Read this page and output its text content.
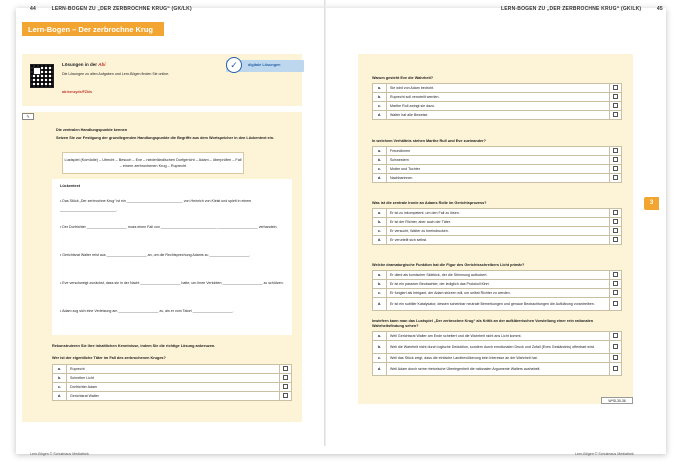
44	LERN-BOGEN ZU „DER ZERBROCHNE KRUG“ (GK/LK)	LERN-BOGEN ZU „DER ZERBROCHNE KRUG“ (GK/LK)	45
Lern-Bogen – Der zerbrochne Krug
Lösungen in der Abi
Die Lösungen zu allen Aufgaben und Lern-Bögen finden Sie online.
ab:kenzyde/FZkls
✓	digitale Lösungen
✎
Die zentralen Handlungspunkte kennen
Setzen Sie zur Festigung der grundlegenden Handlungspunkte die Begriffe aus dem Wortspeicher in den Lückentext ein.
Lustspiel (Komödie) – Utrecht – Besuch – Eve – niederländischen Dorfgericht – Adam – überprüfen – Fall – einem zerbrochenen Krug – Ruprecht
Lückentext
• Das Stück „Der zerbrochne Krug“ ist ein ____________________________ von Heinrich von Kleist und spielt in einem ____________________________.
• Der Dorfrichter ____________________ muss einen Fall von ____________________________ ____________________ verhandeln.
• Gerichtsrat Walter reist aus ____________________ an, um die Rechtsprechung Adams zu ____________________.
• Eve verschweigt zunächst, dass sie in der Nacht ____________________ hatte, um ihren Verlobten ____________________ zu schützen.
• Adam zog sich eine Verletzung am ____________________ zu, als er vom Tatort ____________________.
Rekonstruieren Sie Ihre inhaltlichen Kenntnisse, indem Sie die richtige Lösung ankreuzen.
Wer ist der eigentliche Täter im Fall des zerbrochenen Kruges?
a.	Ruprecht	
b.	Schreiber Licht	
c.	Dorfrichter Adam	
d.	Gerichtsrat Walter	
Lern-Bögen © Schulmaus Mediathek
Warum gesteht Eve die Wahrheit?
a.	Sie wird von Adam bedroht.	
b.	Ruprecht soll verurteilt werden.	
c.	Marthe Rull zwingt sie dazu.	
d.	Walter hat alle Beweise.	
In welchem Verhältnis stehen Marthe Rull und Eve zueinander?
a.	Freundinnen	
b.	Schwestern	
c.	Mutter und Tochter	
d.	Nachbarinnen	
Was ist die zentrale Ironie an Adams Rolle im Gerichtsprozess?
a.	Er ist zu inkompetent, um den Fall zu lösen.	
b.	Er ist der Richter, aber auch der Täter.	
c.	Er versucht, Walter zu beeindrucken.	
d.	Er verurteilt sich selbst.	
Welche dramaturgische Funktion hat die Figur des Gerichtsschreibers Licht primär?
a.	Er dient als komischer Sidekick, der die Stimmung auflockert.	
b.	Er ist ein passiver Beobachter, der lediglich das Protokoll führt.	
c.	Er fungiert als Intrigant, der Adam stürzen will, um selbst Richter zu werden.	
d.	Er ist ein subtiler Katalysator, dessen scheinbar neutrale Bemerkungen und genaue Beobachtungen die Aufklärung vorantreiben.	
Inwiefern kann man das Lustspiel „Der zerbrochne Krug“ als Kritik an der aufklärerischen Vorstellung einer rein rationalen Wahrheitsfindung sehen?
a.	Weil Gerichtsrat Walter am Ende scheitert und die Wahrheit nicht ans Licht kommt.	
b.	Weil die Wahrheit nicht durch logische Deduktion, sondern durch emotionalen Druck und Zufall (Eves Geständnis) offenbart wird.	
c.	Weil das Stück zeigt, dass die einfache Landbevölkerung kein Interesse an der Wahrheit hat.	
d.	Weil Adam durch seine rhetorische Überlegenheit die rationalen Argumente Walters aushebelt.	
W*SL30-36
3
Lern-Bögen © Schulmaus Mediathek
